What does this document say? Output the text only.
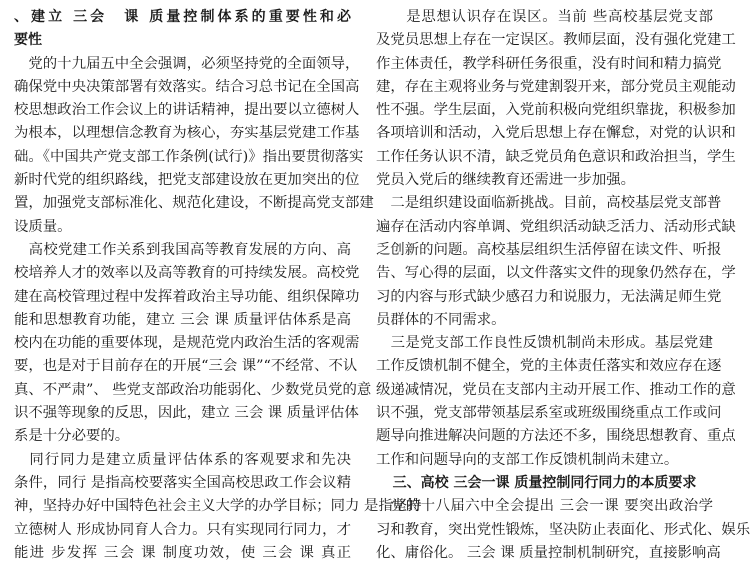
、建立 三会　课 质量控制体系的重要性和必
要性
　党的十九届五中全会强调，必须坚持党的全面领导，
确保党中央决策部署有效落实。结合习总书记在全国高
校思想政治工作会议上的讲话精神，提出要以立德树人
为根本，以理想信念教育为核心，夯实基层党建工作基
础。《中国共产党支部工作条例(试行)》指出要贯彻落实
新时代党的组织路线，把党支部建设放在更加突出的位
置，加强党支部标准化、规范化建设，不断提高党支部建
设质量。
　高校党建工作关系到我国高等教育发展的方向、高
校培养人才的效率以及高等教育的可持续发展。高校党
建在高校管理过程中发挥着政治主导功能、组织保障功
能和思想教育功能，建立 三会 课 质量评估体系是高
校内在功能的重要体现，是规范党内政治生活的客观需
要，也是对于目前存在的开展“三会 课”“不经常、不认
真、不严肃”、 些党支部政治功能弱化、少数党员党的意
识不强等现象的反思，因此，建立 三会 课 质量评估体
系是十分必要的。
　同行同力是建立质量评估体系的客观要求和先决
条件，同行 是指高校要落实全国高校思政工作会议精
神，坚持办好中国特色社会主义大学的办学目标；同力 是指坚持
立德树人 形成协同育人合力。只有实现同行同力，才
能进 步发挥 三会 课 制度功效，使 三会 课 真正
　　是思想认识存在误区。当前 些高校基层党支部
及党员思想上存在一定误区。教师层面，没有强化党建工
作主体责任，教学科研任务很重，没有时间和精力搞党
建，存在主观将业务与党建割裂开来，部分党员主观能动
性不强。学生层面，入党前积极向党组织靠拢，积极参加
各项培训和活动，入党后思想上存在懈怠，对党的认识和
工作任务认识不清，缺乏党员角色意识和政治担当，学生
党员入党后的继续教育还需进一步加强。
　二是组织建设面临新挑战。目前，高校基层党支部普
遍存在活动内容单调、党组织活动缺乏活力、活动形式缺
乏创新的问题。高校基层组织生活停留在读文件、听报
告、写心得的层面，以文件落实文件的现象仍然存在，学
习的内容与形式缺少感召力和说服力，无法满足师生党
员群体的不同需求。
　三是党支部工作良性反馈机制尚未形成。基层党建
工作反馈机制不健全，党的主体责任落实和效应存在逐
级递减情况，党员在支部内主动开展工作、推动工作的意
识不强，党支部带领基层系室或班级围绕重点工作或问
题导向推进解决问题的方法还不多，围绕思想教育、重点
工作和问题导向的支部工作反馈机制尚未建立。
三、高校 三会一课 质量控制同行同力的本质要求
　党的十八届六中全会提出 三会一课 要突出政治学
习和教育，突出党性锻炼，坚决防止表面化、形式化、娱乐
化、庸俗化。 三会 课 质量控制机制研究，直接影响高
